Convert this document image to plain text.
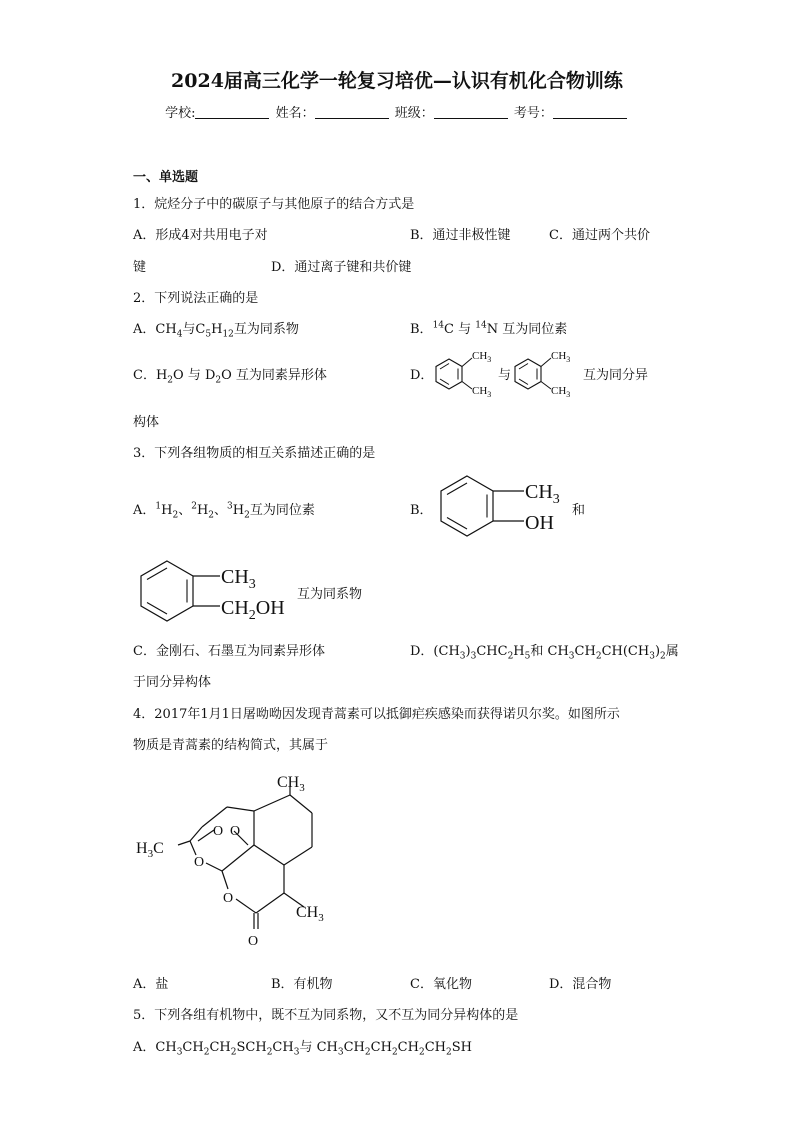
2024届高三化学一轮复习培优—认识有机化合物训练
学校:	姓名：	班级：	考号：
一、单选题
1．烷烃分子中的碳原子与其他原子的结合方式是
A．形成4对共用电子对	B．通过非极性键	C．通过两个共价
键	D．通过离子键和共价键
2．下列说法正确的是
A．$CH_4$与$C_5H_{12}$互为同系物	B．$^{14}$C 与 $^{14}$N 互为同位素
C．$H_2O$ 与 $D_2O$ 互为同素异形体	D．
$CH_3$
$CH_3$
与
$CH_3$
$CH_3$
互为同分异
构体
3．下列各组物质的相互关系描述正确的是
A．$^1H_2$、$^2H_2$、$^3H_2$互为同位素	B．
$CH_3$
OH
和
$CH_3$
$CH_2OH$
互为同系物
C．金刚石、石墨互为同素异形体	D．$(CH_3)_3CHC_2H_5$和 $CH_3CH_2CH(CH_3)_2$属
于同分异构体
4．2017年1月1日屠呦呦因发现青蒿素可以抵御疟疾感染而获得诺贝尔奖。如图所示
物质是青蒿素的结构简式，其属于
$CH_3$
$H_3C$
O O
O
O
O
$CH_3$
A．盐	B．有机物	C．氧化物	D．混合物
5．下列各组有机物中，既不互为同系物，又不互为同分异构体的是
A．$CH_3CH_2CH_2SCH_2CH_3$与 $CH_3CH_2CH_2CH_2CH_2SH$
